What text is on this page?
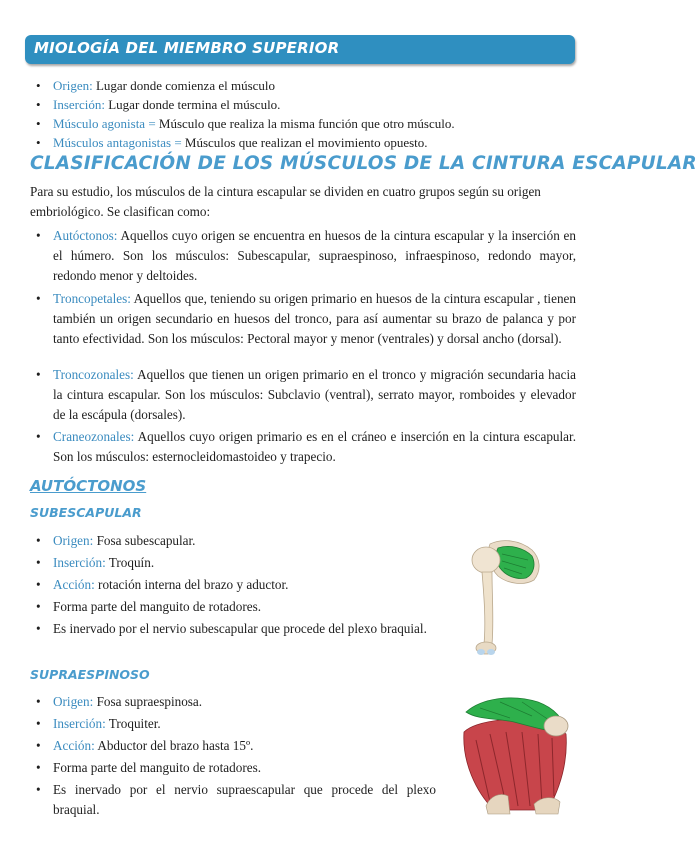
MIOLOGÍA DEL MIEMBRO SUPERIOR
• Origen: Lugar donde comienza el músculo
• Inserción: Lugar donde termina el músculo.
• Músculo agonista = Músculo que realiza la misma función que otro músculo.
• Músculos antagonistas = Músculos que realizan el movimiento opuesto.
CLASIFICACIÓN DE LOS MÚSCULOS DE LA CINTURA ESCAPULAR

Para su estudio, los músculos de la cintura escapular se dividen en cuatro grupos según su origen embriológico. Se clasifican como:

• Autóctonos: Aquellos cuyo origen se encuentra en huesos de la cintura escapular y la inserción en el húmero. Son los músculos: Subescapular, supraespinoso, infraespinoso, redondo mayor, redondo menor y deltoides.
• Troncopetales: Aquellos que, teniendo su origen primario en huesos de la cintura escapular , tienen también un origen secundario en huesos del tronco, para así aumentar su brazo de palanca y por tanto efectividad. Son los músculos: Pectoral mayor y menor (ventrales) y dorsal ancho (dorsal).
• Troncozonales: Aquellos que tienen un origen primario en el tronco y migración secundaria hacia la cintura escapular. Son los músculos: Subclavio (ventral), serrato mayor, romboides y elevador de la escápula (dorsales).
• Craneozonales: Aquellos cuyo origen primario es en el cráneo e inserción en la cintura escapular. Son los músculos: esternocleidomastoideo y trapecio.
AUTÓCTONOS
SUBESCAPULAR
• Origen: Fosa subescapular.
• Inserción: Troquín.
• Acción: rotación interna del brazo y aductor.
• Forma parte del manguito de rotadores.
• Es inervado por el nervio subescapular que procede del plexo braquial.
SUPRAESPINOSO
• Origen: Fosa supraespinosa.
• Inserción: Troquiter.
• Acción: Abductor del brazo hasta 15º.
• Forma parte del manguito de rotadores.
• Es inervado por el nervio supraescapular que procede del plexo braquial.
